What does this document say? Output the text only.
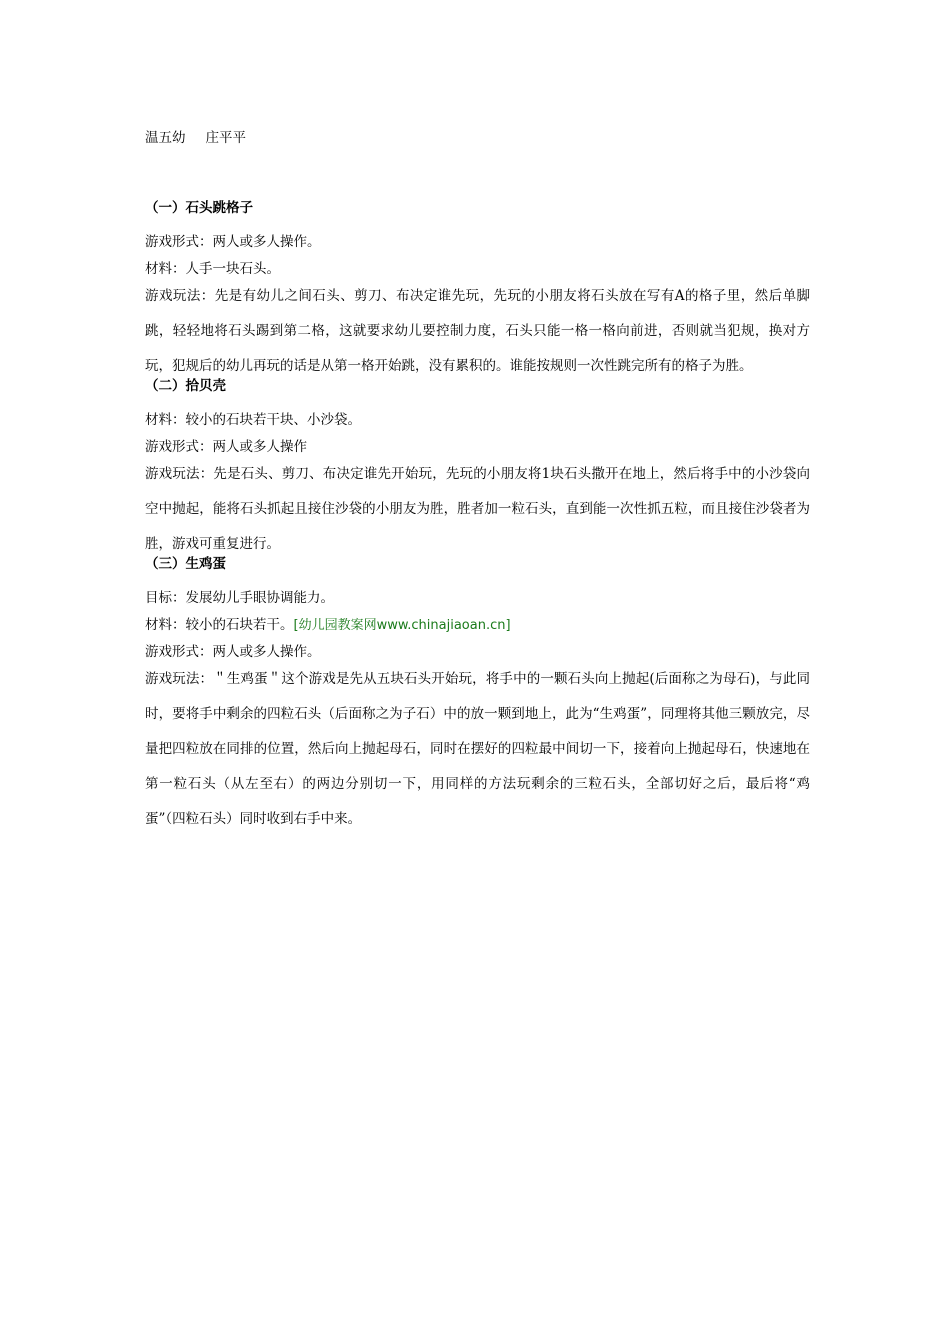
温五幼 庄平平
（一）石头跳格子

游戏形式：两人或多人操作。

材料：人手一块石头。

游戏玩法：先是有幼儿之间石头、剪刀、布决定谁先玩，先玩的小朋友将石头放在写有A的格子里，然后单脚跳，轻轻地将石头踢到第二格，这就要求幼儿要控制力度，石头只能一格一格向前进，否则就当犯规，换对方玩，犯规后的幼儿再玩的话是从第一格开始跳，没有累积的。谁能按规则一次性跳完所有的格子为胜。

（二）拾贝壳

材料：较小的石块若干块、小沙袋。

游戏形式：两人或多人操作

游戏玩法：先是石头、剪刀、布决定谁先开始玩，先玩的小朋友将1块石头撒开在地上，然后将手中的小沙袋向空中抛起，能将石头抓起且接住沙袋的小朋友为胜，胜者加一粒石头，直到能一次性抓五粒，而且接住沙袋者为胜，游戏可重复进行。

（三）生鸡蛋

目标：发展幼儿手眼协调能力。

材料：较小的石块若干。[幼儿园教案网www.chinajiaoan.cn]

游戏形式：两人或多人操作。

游戏玩法：＂生鸡蛋＂这个游戏是先从五块石头开始玩，将手中的一颗石头向上抛起(后面称之为母石)，与此同时，要将手中剩余的四粒石头（后面称之为子石）中的放一颗到地上，此为“生鸡蛋”，同理将其他三颗放完，尽量把四粒放在同排的位置，然后向上抛起母石，同时在摆好的四粒最中间切一下，接着向上抛起母石，快速地在第一粒石头（从左至右）的两边分别切一下，用同样的方法玩剩余的三粒石头，全部切好之后，最后将“鸡蛋”（四粒石头）同时收到右手中来。
